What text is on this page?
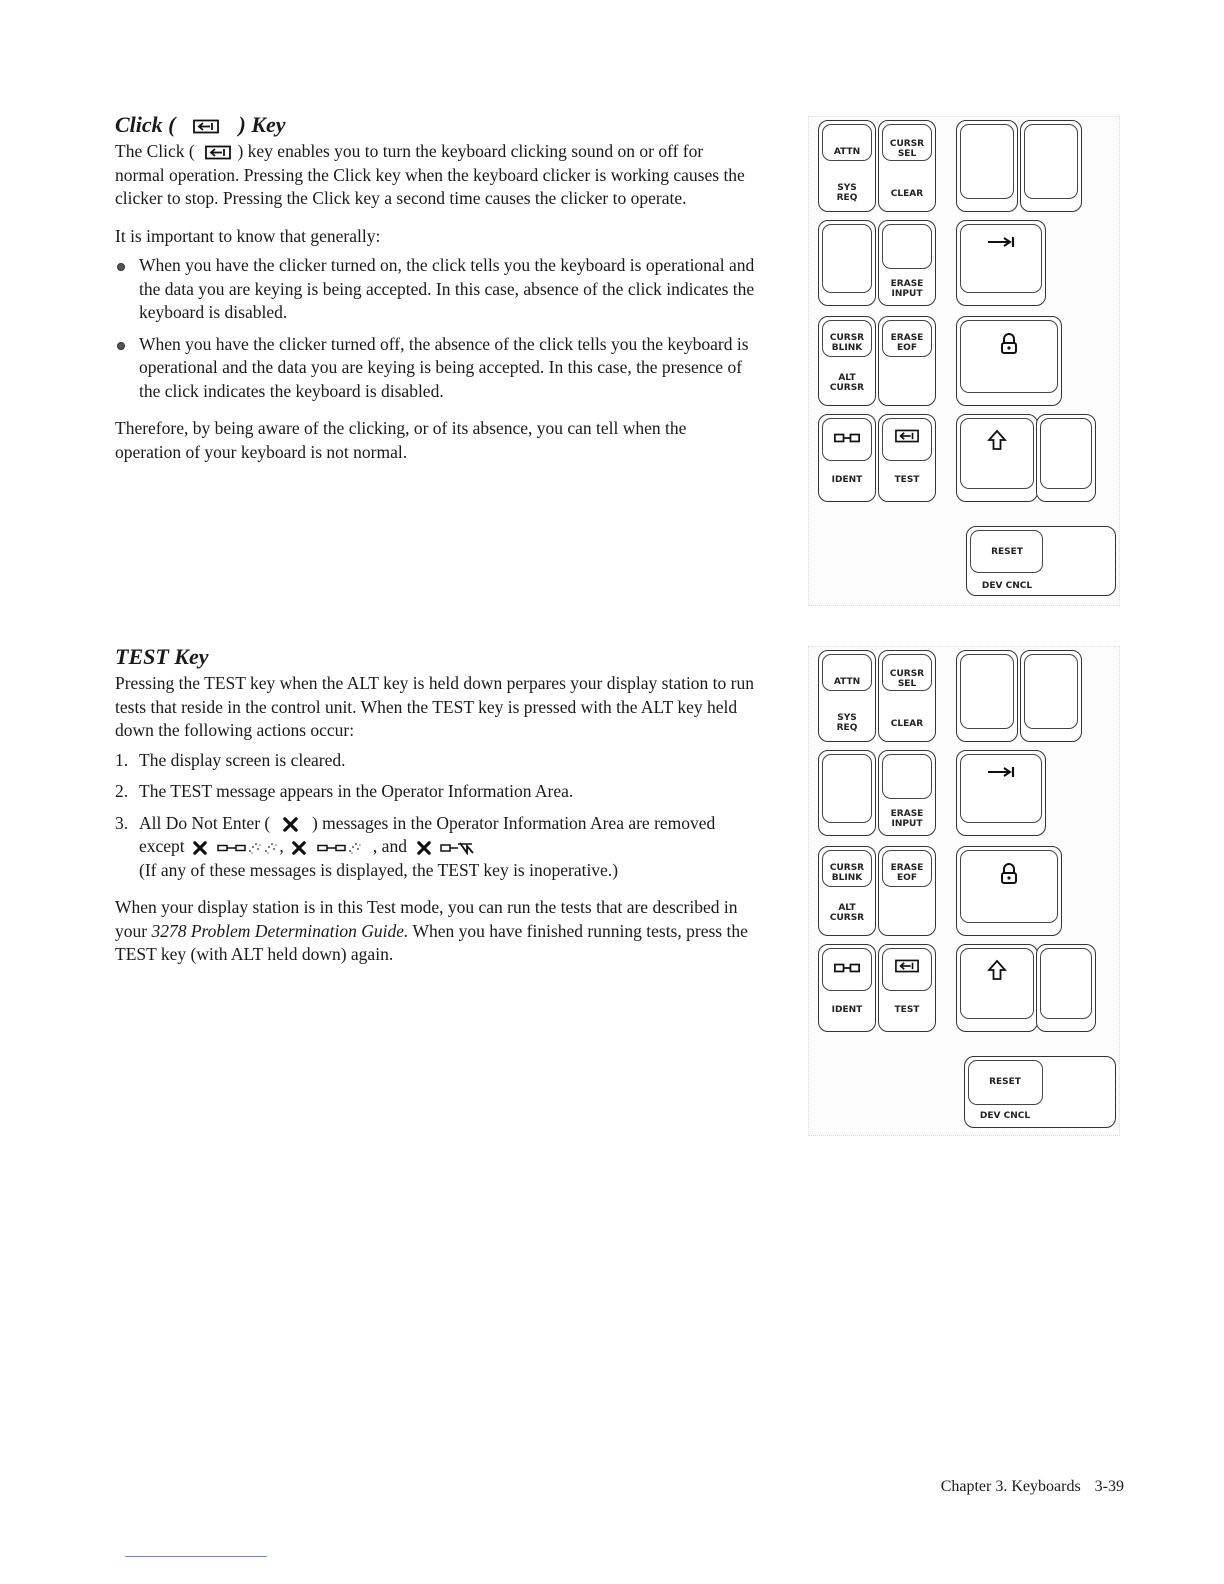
Click (	) Key

The Click ( ) key enables you to turn the keyboard clicking sound on or off for normal operation. Pressing the Click key when the keyboard clicker is working causes the clicker to stop. Pressing the Click key a second time causes the clicker to operate.

It is important to know that generally:

When you have the clicker turned on, the click tells you the keyboard is operational and the data you are keying is being accepted. In this case, absence of the click indicates the keyboard is disabled.
When you have the clicker turned off, the absence of the click tells you the keyboard is operational and the data you are keying is being accepted. In this case, the presence of the click indicates the keyboard is disabled.

Therefore, by being aware of the clicking, or of its absence, you can tell when the operation of your keyboard is not normal.

TEST Key

Pressing the TEST key when the ALT key is held down perpares your display station to run tests that reside in the control unit. When the TEST key is pressed with the ALT key held down the following actions occur:

1. The display screen is cleared.
2. The TEST message appears in the Operator Information Area.
3. All Do Not Enter ( ) messages in the Operator Information Area are removed except	,	, and
(If any of these messages is displayed, the TEST key is inoperative.)

When your display station is in this Test mode, you can run the tests that are described in your 3278 Problem Determination Guide. When you have finished running tests, press the TEST key (with ALT held down) again.

ATTN
SYS
REQ
CURSR
SEL
CLEAR
ERASE
INPUT
CURSR
BLINK
ALT
CURSR
ERASE
EOF
IDENT	TEST
RESET
DEV CNCL
ATTN
SYS
REQ
CURSR
SEL
CLEAR
ERASE
INPUT
CURSR
BLINK
ALT
CURSR
ERASE
EOF
IDENT	TEST
RESET
DEV CNCL
Chapter 3. Keyboards 3-39
